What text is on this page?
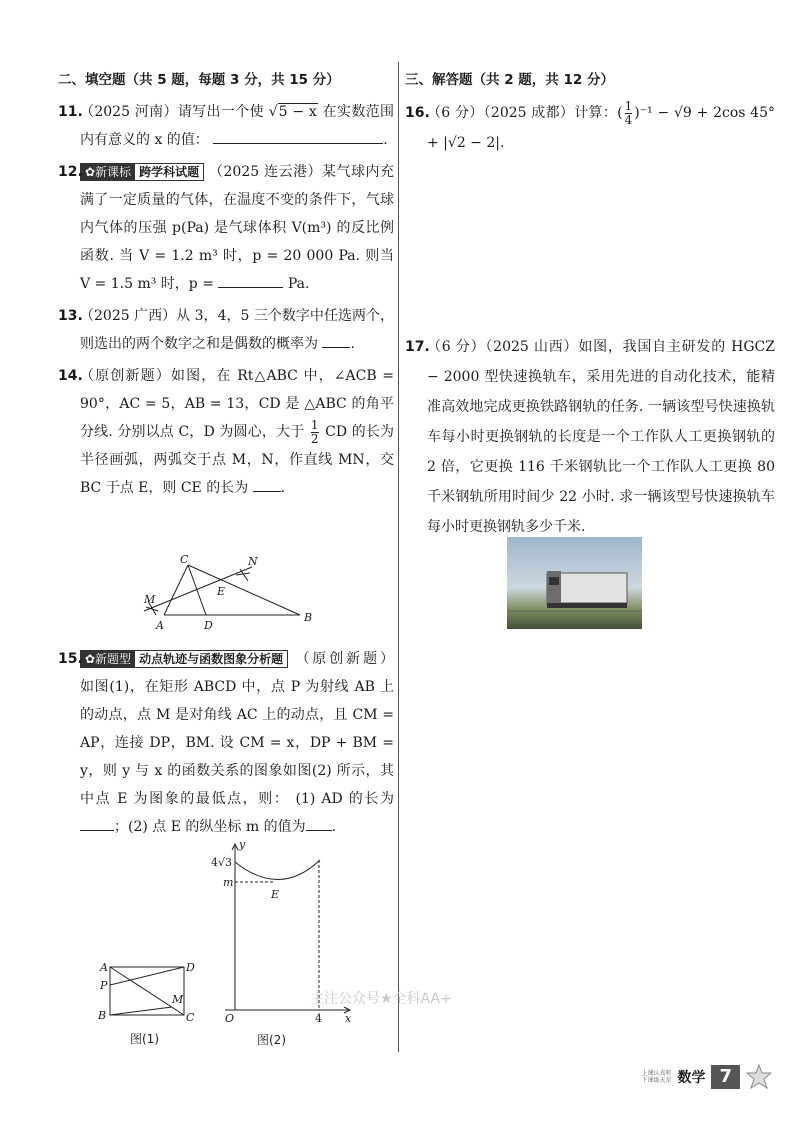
二、填空题（共 5 题，每题 3 分，共 15 分）
11.
（2025 河南）请写出一个使 √5 − x 在实数范围内有意义的 x 的值：	.
12. ✿新课标 跨学科试题 （2025 连云港）某气球内充满了一定质量的气体，在温度不变的条件下，气球内气体的压强 p(Pa) 是气球体积 V(m³) 的反比例函数. 当 V = 1.2 m³ 时，p = 20 000 Pa. 则当 V = 1.5 m³ 时，p =	Pa.
13.
（2025 广西）从 3，4，5 三个数字中任选两个，则选出的两个数字之和是偶数的概率为 .
14.
（原创新题）如图，在 Rt△ABC 中，∠ACB = 90°，AC = 5，AB = 13，CD 是 △ABC 的角平分线. 分别以点 C，D 为圆心，大于 $\frac{1}{2}$ CD 的长为半径画弧，两弧交于点 M，N，作直线 MN，交 BC 于点 E，则 CE 的长为 .
A
B
C
D
E
M
N
15. ✿新题型 动点轨迹与函数图象分析题 （原创新题） 如图(1)，在矩形 ABCD 中，点 P 为射线 AB 上的动点，点 M 是对角线 AC 上的动点，且 CM = AP，连接 DP，BM. 设 CM = x，DP + BM = y，则 y 与 x 的函数关系的图象如图(2) 所示，其中点 E 为图象的最低点，则： (1) AD 的长为；(2) 点 E 的纵坐标 m 的值为 .
A
B	C
D
P
M
图(1)
y
x
O	4
m
E
4√3
图(2)
三、解答题（共 2 题，共 12 分）
16.
（6 分）（2025 成都）计算：( $\frac{1}{4} )^{-1} - √9 + 2\cos$ 45° + |√2 − 2|.
17.
（6 分）（2025 山西）如图，我国自主研发的 HGCZ − 2000 型快速换轨车，采用先进的自动化技术，能精准高效地完成更换铁路钢轨的任务. 一辆该型号快速换轨车每小时更换钢轨的长度是一个工作队人工更换钢轨的 2 倍，它更换 116 千米钢轨比一个工作队人工更换 80 千米钢轨所用时间少 22 小时. 求一辆该型号快速换轨车每小时更换钢轨多少千米.
主注公众号★全科AA+
上课认真听
下课练天星 数学 7
